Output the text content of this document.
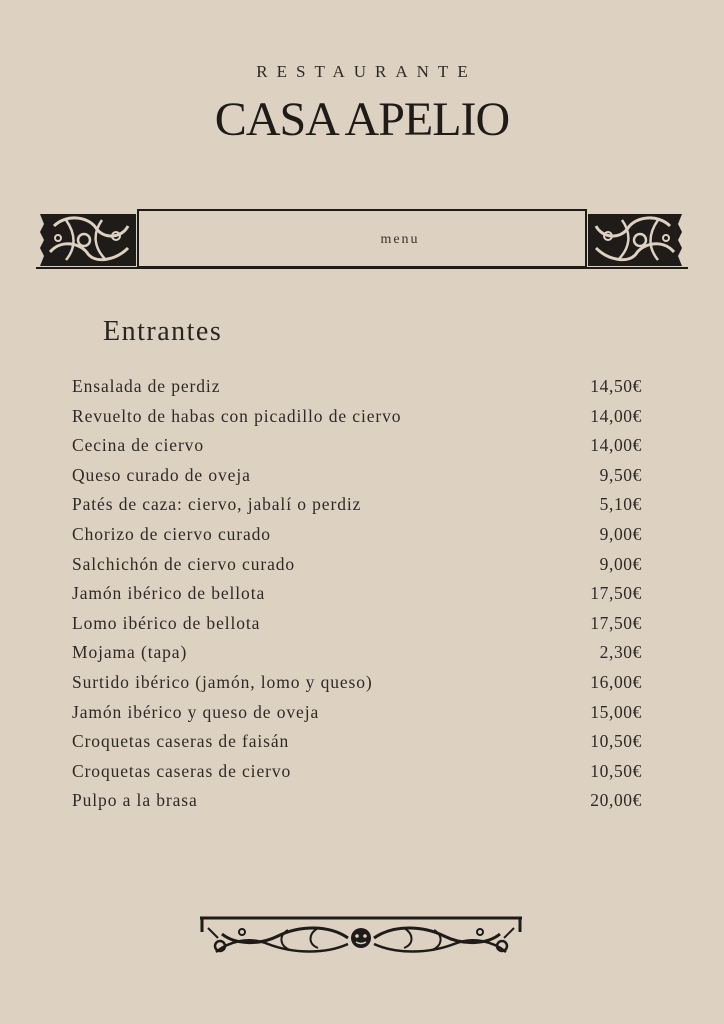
RESTAURANTE
CASA APELIO
menu
Entrantes
Ensalada de perdiz	14,50€
Revuelto de habas con picadillo de ciervo	14,00€
Cecina de ciervo	14,00€
Queso curado de oveja	9,50€
Patés de caza: ciervo, jabalí o perdiz	5,10€
Chorizo de ciervo curado	9,00€
Salchichón de ciervo curado	9,00€
Jamón ibérico de bellota	17,50€
Lomo ibérico de bellota	17,50€
Mojama (tapa)	2,30€
Surtido ibérico (jamón, lomo y queso)	16,00€
Jamón ibérico y queso de oveja	15,00€
Croquetas caseras de faisán	10,50€
Croquetas caseras de ciervo	10,50€
Pulpo a la brasa	20,00€
